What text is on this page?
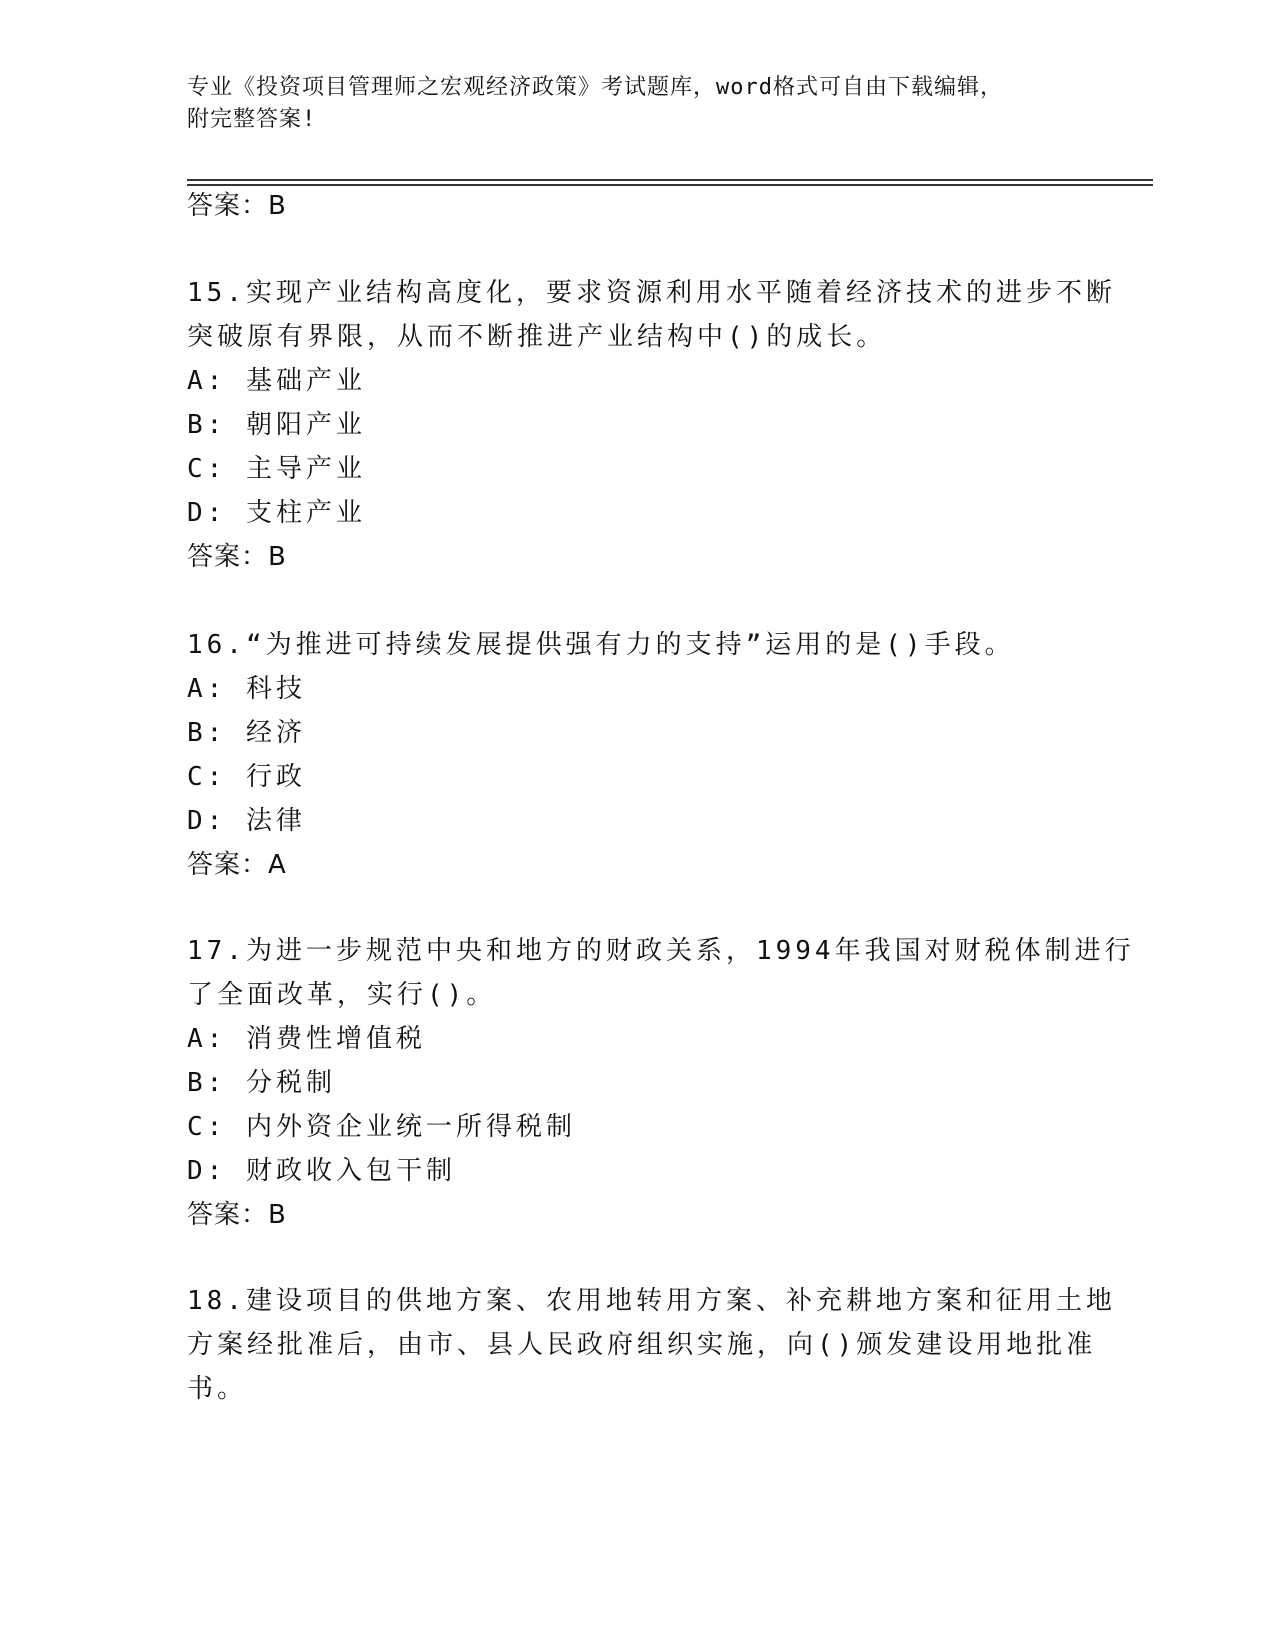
专业《投资项目管理师之宏观经济政策》考试题库，word格式可自由下载编辑，
附完整答案!
答案：B
15.实现产业结构高度化，要求资源利用水平随着经济技术的进步不断
突破原有界限，从而不断推进产业结构中()的成长。
A: 基础产业
B: 朝阳产业
C: 主导产业
D: 支柱产业
答案：B
16.“为推进可持续发展提供强有力的支持”运用的是()手段。
A: 科技
B: 经济
C: 行政
D: 法律
答案：A
17.为进一步规范中央和地方的财政关系，1994年我国对财税体制进行
了全面改革，实行()。
A: 消费性增值税
B: 分税制
C: 内外资企业统一所得税制
D: 财政收入包干制
答案：B
18.建设项目的供地方案、农用地转用方案、补充耕地方案和征用土地
方案经批准后，由市、县人民政府组织实施，向()颁发建设用地批准
书。
